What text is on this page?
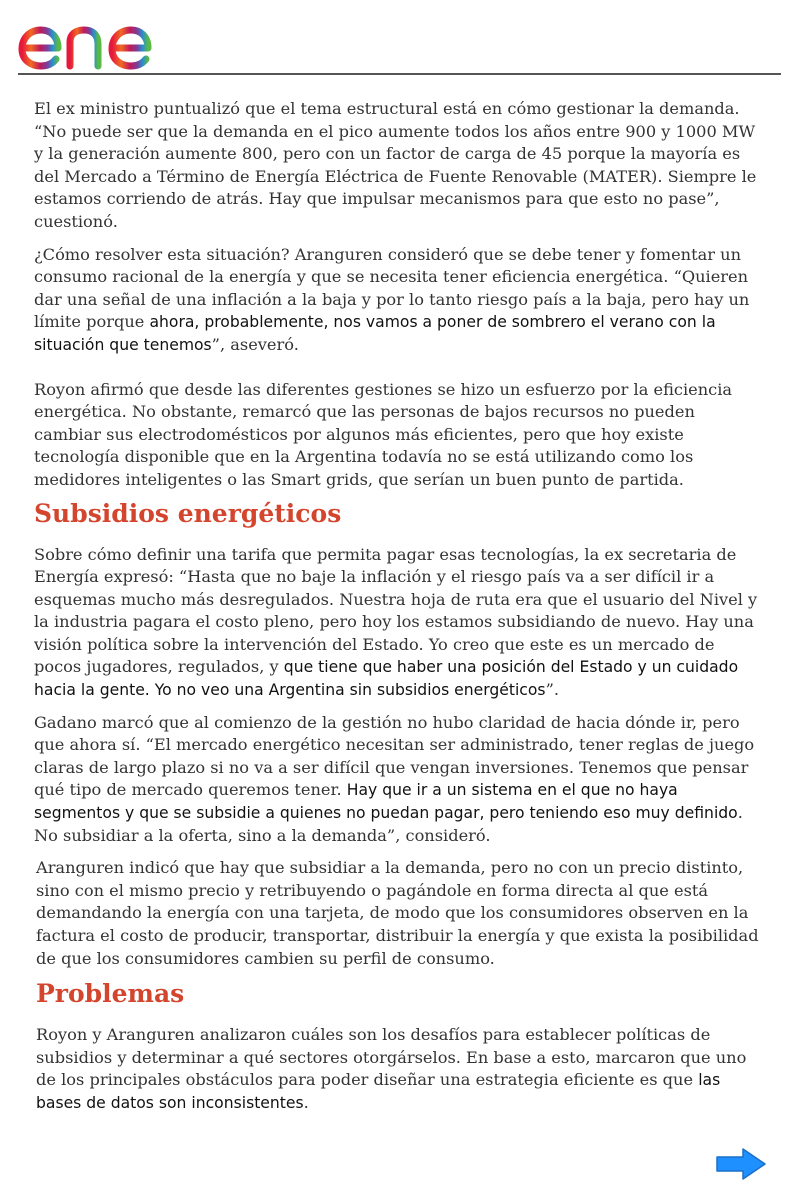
El ex ministro puntualizó que el tema estructural está en cómo gestionar la demanda. “No puede ser que la demanda en el pico aumente todos los años entre 900 y 1000 MW y la generación aumente 800, pero con un factor de carga de 45 porque la mayoría es del Mercado a Término de Energía Eléctrica de Fuente Renovable (MATER). Siempre le estamos corriendo de atrás. Hay que impulsar mecanismos para que esto no pase”, cuestionó.

¿Cómo resolver esta situación? Aranguren consideró que se debe tener y fomentar un consumo racional de la energía y que se necesita tener eficiencia energética. “Quieren dar una señal de una inflación a la baja y por lo tanto riesgo país a la baja, pero hay un límite porque ahora, probablemente, nos vamos a poner de sombrero el verano con la situación que tenemos”, aseveró.

Royon afirmó que desde las diferentes gestiones se hizo un esfuerzo por la eficiencia energética. No obstante, remarcó que las personas de bajos recursos no pueden cambiar sus electrodomésticos por algunos más eficientes, pero que hoy existe tecnología disponible que en la Argentina todavía no se está utilizando como los medidores inteligentes o las Smart grids, que serían un buen punto de partida.

Subsidios energéticos

Sobre cómo definir una tarifa que permita pagar esas tecnologías, la ex secretaria de Energía expresó: “Hasta que no baje la inflación y el riesgo país va a ser difícil ir a esquemas mucho más desregulados. Nuestra hoja de ruta era que el usuario del Nivel y la industria pagara el costo pleno, pero hoy los estamos subsidiando de nuevo. Hay una visión política sobre la intervención del Estado. Yo creo que este es un mercado de pocos jugadores, regulados, y que tiene que haber una posición del Estado y un cuidado hacia la gente. Yo no veo una Argentina sin subsidios energéticos”.

Gadano marcó que al comienzo de la gestión no hubo claridad de hacia dónde ir, pero que ahora sí. “El mercado energético necesitan ser administrado, tener reglas de juego claras de largo plazo si no va a ser difícil que vengan inversiones. Tenemos que pensar qué tipo de mercado queremos tener. Hay que ir a un sistema en el que no haya segmentos y que se subsidie a quienes no puedan pagar, pero teniendo eso muy definido. No subsidiar a la oferta, sino a la demanda”, consideró.

Aranguren indicó que hay que subsidiar a la demanda, pero no con un precio distinto, sino con el mismo precio y retribuyendo o pagándole en forma directa al que está demandando la energía con una tarjeta, de modo que los consumidores observen en la factura el costo de producir, transportar, distribuir la energía y que exista la posibilidad de que los consumidores cambien su perfil de consumo.

Problemas

Royon y Aranguren analizaron cuáles son los desafíos para establecer políticas de subsidios y determinar a qué sectores otorgárselos. En base a esto, marcaron que uno de los principales obstáculos para poder diseñar una estrategia eficiente es que las bases de datos son inconsistentes.
